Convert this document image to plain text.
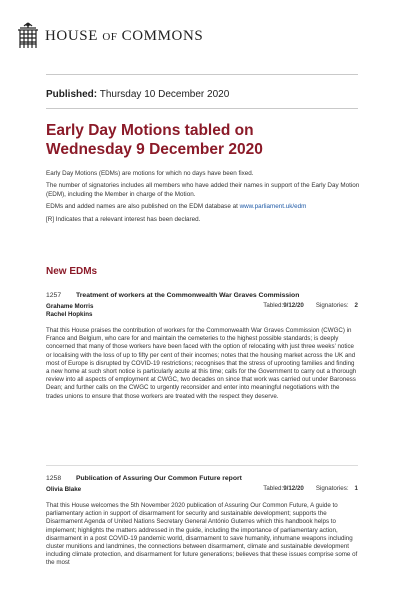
HOUSE OF COMMONS
Published: Thursday 10 December 2020
Early Day Motions tabled on
Wednesday 9 December 2020

Early Day Motions (EDMs) are motions for which no days have been fixed.

The number of signatories includes all members who have added their names in support of the Early Day Motion (EDM), including the Member in charge of the Motion.

EDMs and added names are also published on the EDM database at www.parliament.uk/edm

[R] Indicates that a relevant interest has been declared.

New EDMs
1257	Treatment of workers at the Commonwealth War Graves Commission
Tabled: 9/12/20 Signatories: 2
Grahame Morris
Rachel Hopkins
That this House praises the contribution of workers for the Commonwealth War Graves Commission (CWGC) in France and Belgium, who care for and maintain the cemeteries to the highest possible standards; is deeply concerned that many of those workers have been faced with the option of relocating with just three weeks' notice or localising with the loss of up to fifty per cent of their incomes; notes that the housing market across the UK and most of Europe is disrupted by COVID-19 restrictions; recognises that the stress of uprooting families and finding a new home at such short notice is particularly acute at this time; calls for the Government to carry out a thorough review into all aspects of employment at CWGC, two decades on since that work was carried out under Baroness Dean; and further calls on the CWGC to urgently reconsider and enter into meaningful negotiations with the trades unions to ensure that those workers are treated with the respect they deserve.
1258	Publication of Assuring Our Common Future report
Tabled: 9/12/20 Signatories: 1
Olivia Blake
That this House welcomes the 5th November 2020 publication of Assuring Our Common Future, A guide to parliamentary action in support of disarmament for security and sustainable development; supports the Disarmament Agenda of United Nations Secretary General António Guterres which this handbook helps to implement; highlights the matters addressed in the guide, including the importance of parliamentary action, disarmament in a post COVID-19 pandemic world, disarmament to save humanity, inhumane weapons including cluster munitions and landmines, the connections between disarmament, climate and sustainable development including climate protection, and disarmament for future generations; believes that these issues comprise some of the most
